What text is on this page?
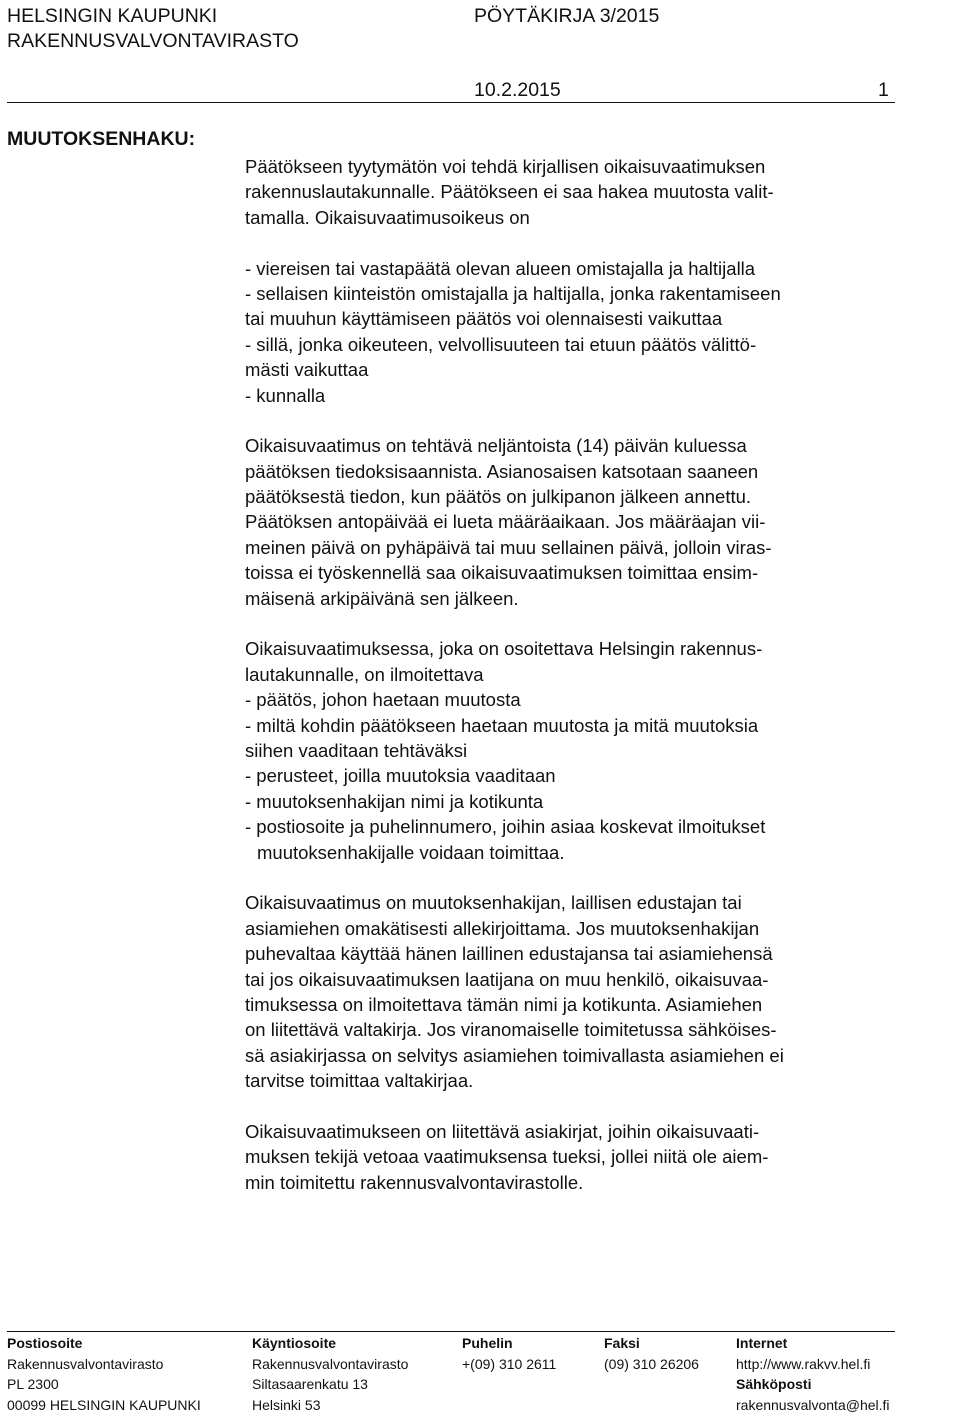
HELSINGIN KAUPUNKI
RAKENNUSVALVONTAVIRASTO
PÖYTÄKIRJA 3/2015
10.2.2015	1
MUUTOKSENHAKU:
Päätökseen tyytymätön voi tehdä kirjallisen oikaisuvaatimuksen
rakennuslautakunnalle. Päätökseen ei saa hakea muutosta valit-
tamalla. Oikaisuvaatimusoikeus on
- viereisen tai vastapäätä olevan alueen omistajalla ja haltijalla
- sellaisen kiinteistön omistajalla ja haltijalla, jonka rakentamiseen
tai muuhun käyttämiseen päätös voi olennaisesti vaikuttaa
- sillä, jonka oikeuteen, velvollisuuteen tai etuun päätös välittö-
mästi vaikuttaa
- kunnalla
Oikaisuvaatimus on tehtävä neljäntoista (14) päivän kuluessa
päätöksen tiedoksisaannista. Asianosaisen katsotaan saaneen
päätöksestä tiedon, kun päätös on julkipanon jälkeen annettu.
Päätöksen antopäivää ei lueta määräaikaan. Jos määräajan vii-
meinen päivä on pyhäpäivä tai muu sellainen päivä, jolloin viras-
toissa ei työskennellä saa oikaisuvaatimuksen toimittaa ensim-
mäisenä arkipäivänä sen jälkeen.
Oikaisuvaatimuksessa, joka on osoitettava Helsingin rakennus-
lautakunnalle, on ilmoitettava
- päätös, johon haetaan muutosta
- miltä kohdin päätökseen haetaan muutosta ja mitä muutoksia
siihen vaaditaan tehtäväksi
- perusteet, joilla muutoksia vaaditaan
- muutoksenhakijan nimi ja kotikunta
- postiosoite ja puhelinnumero, joihin asiaa koskevat ilmoitukset
muutoksenhakijalle voidaan toimittaa.
Oikaisuvaatimus on muutoksenhakijan, laillisen edustajan tai
asiamiehen omakätisesti allekirjoittama. Jos muutoksenhakijan
puhevaltaa käyttää hänen laillinen edustajansa tai asiamiehensä
tai jos oikaisuvaatimuksen laatijana on muu henkilö, oikaisuvaa-
timuksessa on ilmoitettava tämän nimi ja kotikunta. Asiamiehen
on liitettävä valtakirja. Jos viranomaiselle toimitetussa sähköises-
sä asiakirjassa on selvitys asiamiehen toimivallasta asiamiehen ei
tarvitse toimittaa valtakirjaa.
Oikaisuvaatimukseen on liitettävä asiakirjat, joihin oikaisuvaati-
muksen tekijä vetoaa vaatimuksensa tueksi, jollei niitä ole aiem-
min toimitettu rakennusvalvontavirastolle.
Postiosoite
Rakennusvalvontavirasto
PL 2300
00099 HELSINGIN KAUPUNKI
Käyntiosoite
Rakennusvalvontavirasto
Siltasaarenkatu 13
Helsinki 53
Puhelin
+(09) 310 2611
Faksi
(09) 310 26206
Internet
http://www.rakvv.hel.fi
Sähköposti
rakennusvalvonta@hel.fi
